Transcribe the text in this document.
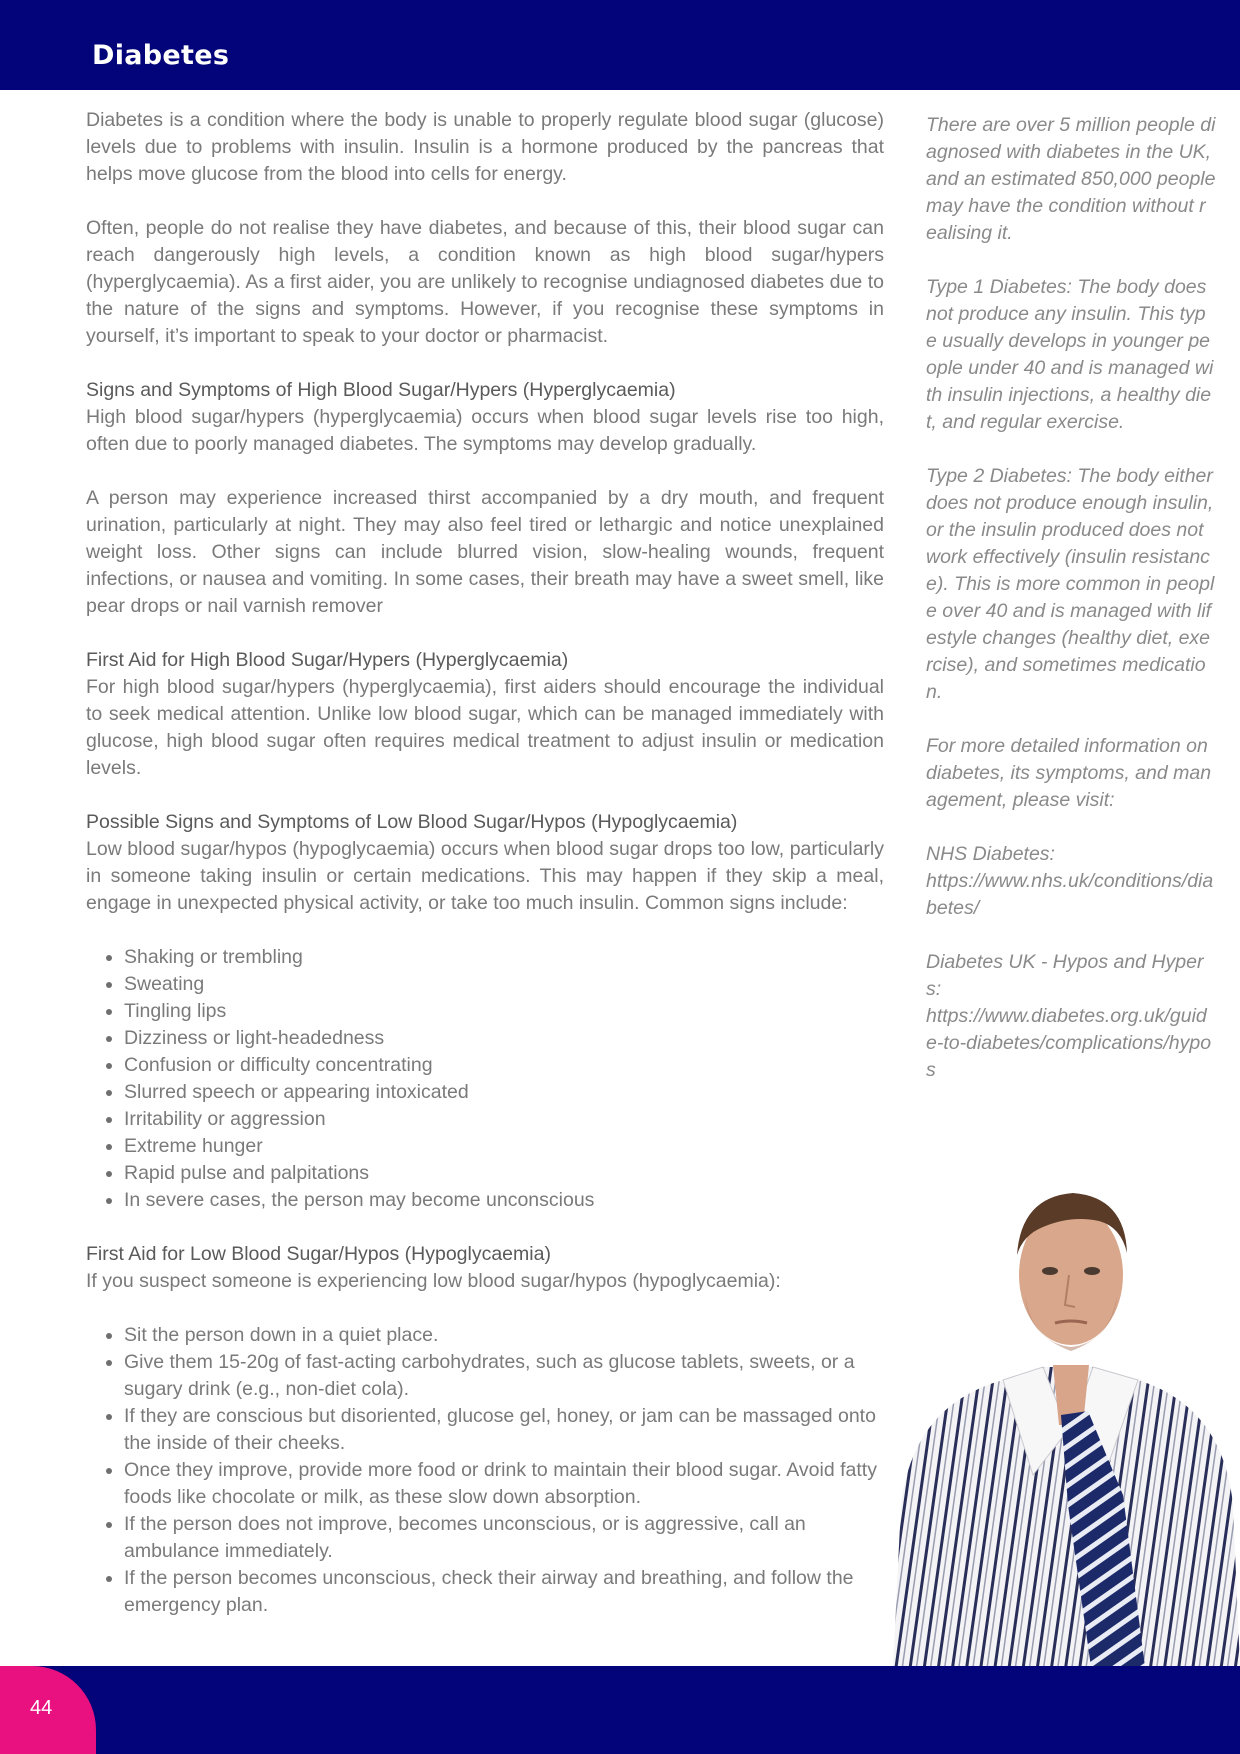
Diabetes

Diabetes is a condition where the body is unable to properly regulate blood sugar (glucose) levels due to problems with insulin. Insulin is a hormone produced by the pancreas that helps move glucose from the blood into cells for energy.

Often, people do not realise they have diabetes, and because of this, their blood sugar can reach dangerously high levels, a condition known as high blood sugar/hypers (hyperglycaemia). As a first aider, you are unlikely to recognise undiagnosed diabetes due to the nature of the signs and symptoms. However, if you recognise these symptoms in yourself, it’s important to speak to your doctor or pharmacist.

Signs and Symptoms of High Blood Sugar/Hypers (Hyperglycaemia)

High blood sugar/hypers (hyperglycaemia) occurs when blood sugar levels rise too high, often due to poorly managed diabetes. The symptoms may develop gradually.

A person may experience increased thirst accompanied by a dry mouth, and frequent urination, particularly at night. They may also feel tired or lethargic and notice unexplained weight loss. Other signs can include blurred vision, slow-healing wounds, frequent infections, or nausea and vomiting. In some cases, their breath may have a sweet smell, like pear drops or nail varnish remover

First Aid for High Blood Sugar/Hypers (Hyperglycaemia)

For high blood sugar/hypers (hyperglycaemia), first aiders should encourage the individual to seek medical attention. Unlike low blood sugar, which can be managed immediately with glucose, high blood sugar often requires medical treatment to adjust insulin or medication levels.

Possible Signs and Symptoms of Low Blood Sugar/Hypos (Hypoglycaemia)

Low blood sugar/hypos (hypoglycaemia) occurs when blood sugar drops too low, particularly in someone taking insulin or certain medications. This may happen if they skip a meal, engage in unexpected physical activity, or take too much insulin. Common signs include:

• Shaking or trembling
• Sweating
• Tingling lips
• Dizziness or light-headedness
• Confusion or difficulty concentrating
• Slurred speech or appearing intoxicated
• Irritability or aggression
• Extreme hunger
• Rapid pulse and palpitations
• In severe cases, the person may become unconscious
First Aid for Low Blood Sugar/Hypos (Hypoglycaemia)

If you suspect someone is experiencing low blood sugar/hypos (hypoglycaemia):

• Sit the person down in a quiet place.
• Give them 15-20g of fast-acting carbohydrates, such as glucose tablets, sweets, or a sugary drink (e.g., non-diet cola).
• If they are conscious but disoriented, glucose gel, honey, or jam can be massaged onto the inside of their cheeks.
• Once they improve, provide more food or drink to maintain their blood sugar. Avoid fatty foods like chocolate or milk, as these slow down absorption.
• If the person does not improve, becomes unconscious, or is aggressive, call an ambulance immediately.
• If the person becomes unconscious, check their airway and breathing, and follow the emergency plan.

There are over 5 million people diagnosed with diabetes in the UK, and an estimated 850,000 people may have the condition without realising it.

Type 1 Diabetes: The body does not produce any insulin. This type usually develops in younger people under 40 and is managed with insulin injections, a healthy diet, and regular exercise.

Type 2 Diabetes: The body either does not produce enough insulin, or the insulin produced does not work effectively (insulin resistance). This is more common in people over 40 and is managed with lifestyle changes (healthy diet, exercise), and sometimes medication.

For more detailed information on diabetes, its symptoms, and management, please visit:

NHS Diabetes:
https://www.nhs.uk/conditions/diabetes/

Diabetes UK - Hypos and Hypers:
https://www.diabetes.org.uk/guide-to-diabetes/complications/hypos

44
